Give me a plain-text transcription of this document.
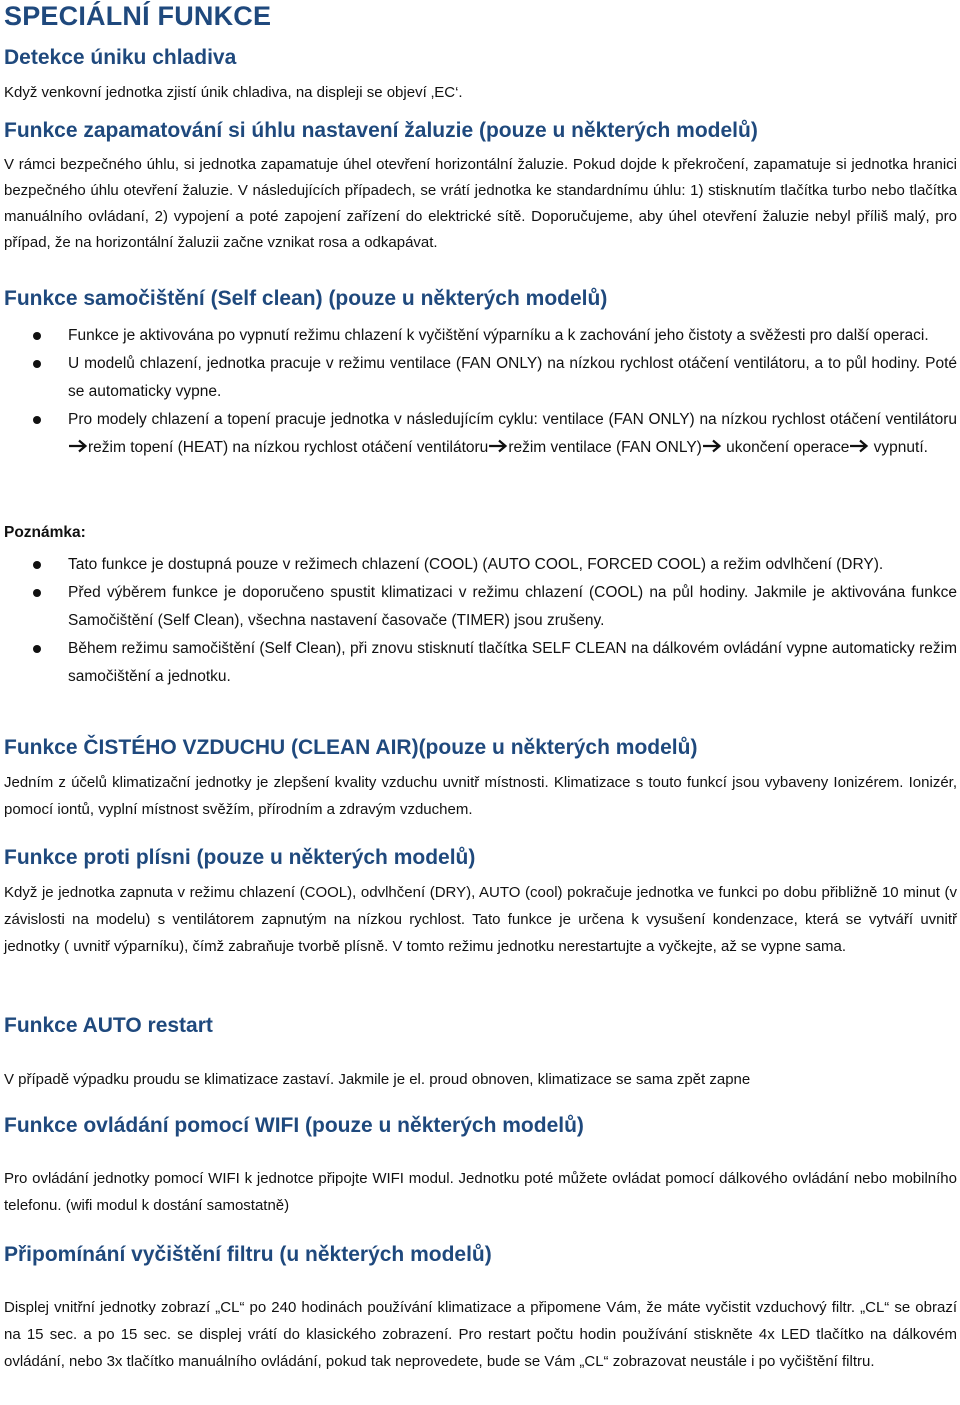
SPECIÁLNÍ FUNKCE
Detekce úniku chladiva

Když venkovní jednotka zjistí únik chladiva, na displeji se objeví ‚EC‘.

Funkce zapamatování si úhlu nastavení žaluzie (pouze u některých modelů)

V rámci bezpečného úhlu, si jednotka zapamatuje úhel otevření horizontální žaluzie. Pokud dojde k překročení, zapamatuje si jednotka hranici bezpečného úhlu otevření žaluzie. V následujících případech, se vrátí jednotka ke standardnímu úhlu: 1) stisknutím tlačítka turbo nebo tlačítka manuálního ovládaní, 2) vypojení a poté zapojení zařízení do elektrické sítě. Doporučujeme, aby úhel otevření žaluzie nebyl příliš malý, pro případ, že na horizontální žaluzii začne vznikat rosa a odkapávat.

Funkce samočištění (Self clean) (pouze u některých modelů)
Funkce je aktivována po vypnutí režimu chlazení k vyčištění výparníku a k zachování jeho čistoty a svěžesti pro další operaci.
U modelů chlazení, jednotka pracuje v režimu ventilace (FAN ONLY) na nízkou rychlost otáčení ventilátoru, a to půl hodiny. Poté se automaticky vypne.
Pro modely chlazení a topení pracuje jednotka v následujícím cyklu: ventilace (FAN ONLY) na nízkou rychlost otáčení ventilátorurežim topení (HEAT) na nízkou rychlost otáčení ventilátoru režim ventilace (FAN ONLY) ukončení operace vypnutí.
Poznámka:
Tato funkce je dostupná pouze v režimech chlazení (COOL) (AUTO COOL, FORCED COOL) a režim odvlhčení (DRY).
Před výběrem funkce je doporučeno spustit klimatizaci v režimu chlazení (COOL) na půl hodiny. Jakmile je aktivována funkce Samočištění (Self Clean), všechna nastavení časovače (TIMER) jsou zrušeny.
Během režimu samočištění (Self Clean), při znovu stisknutí tlačítka SELF CLEAN na dálkovém ovládání vypne automaticky režim samočištění a jednotku.
Funkce ČISTÉHO VZDUCHU (CLEAN AIR)(pouze u některých modelů)

Jedním z účelů klimatizační jednotky je zlepšení kvality vzduchu uvnitř místnosti. Klimatizace s touto funkcí jsou vybaveny Ionizérem. Ionizér, pomocí iontů, vyplní místnost svěžím, přírodním a zdravým vzduchem.

Funkce proti plísni (pouze u některých modelů)

Když je jednotka zapnuta v režimu chlazení (COOL), odvlhčení (DRY), AUTO (cool) pokračuje jednotka ve funkci po dobu přibližně 10 minut (v závislosti na modelu) s ventilátorem zapnutým na nízkou rychlost. Tato funkce je určena k vysušení kondenzace, která se vytváří uvnitř jednotky ( uvnitř výparníku), čímž zabraňuje tvorbě plísně. V tomto režimu jednotku nerestartujte a vyčkejte, až se vypne sama.

Funkce AUTO restart

V případě výpadku proudu se klimatizace zastaví. Jakmile je el. proud obnoven, klimatizace se sama zpět zapne

Funkce ovládání pomocí WIFI (pouze u některých modelů)

Pro ovládání jednotky pomocí WIFI k jednotce připojte WIFI modul. Jednotku poté můžete ovládat pomocí dálkového ovládání nebo mobilního telefonu. (wifi modul k dostání samostatně)

Připomínání vyčištění filtru (u některých modelů)

Displej vnitřní jednotky zobrazí „CL“ po 240 hodinách používání klimatizace a připomene Vám, že máte vyčistit vzduchový filtr. „CL“ se obrazí na 15 sec. a po 15 sec. se displej vrátí do klasického zobrazení. Pro restart počtu hodin používání stiskněte 4x LED tlačítko na dálkovém ovládání, nebo 3x tlačítko manuálního ovládání, pokud tak neprovedete, bude se Vám „CL“ zobrazovat neustále i po vyčištění filtru.
